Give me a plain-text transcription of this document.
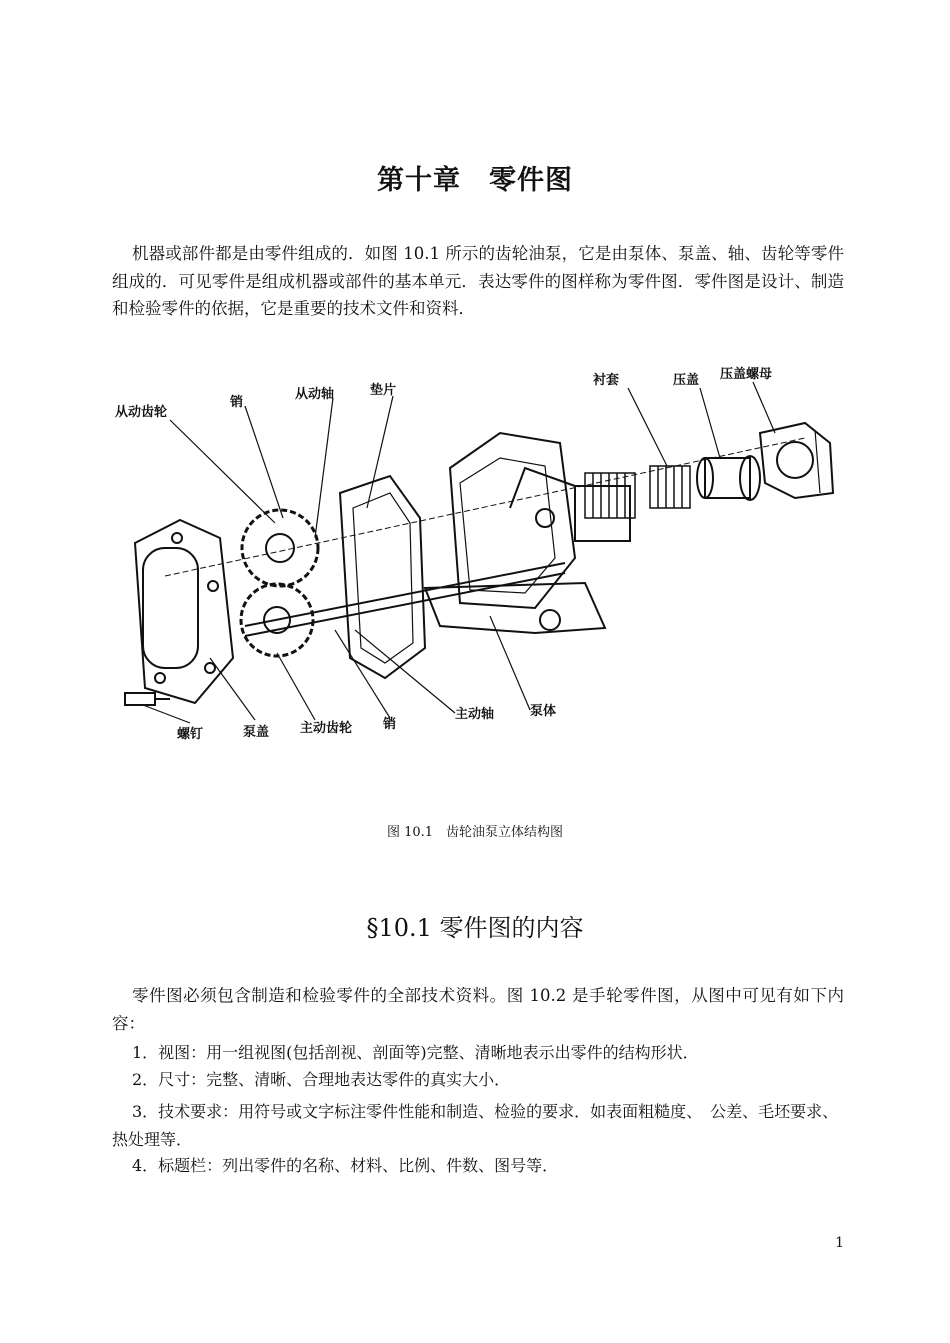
第十章　零件图

机器或部件都是由零件组成的．如图 10.1 所示的齿轮油泵，它是由泵体、泵盖、轴、齿轮等零件组成的．可见零件是组成机器或部件的基本单元．表达零件的图样称为零件图．零件图是设计、制造和检验零件的依据，它是重要的技术文件和资料．

从动齿轮
销
从动轴	垫片
衬套	压盖 压盖螺母
螺钉	泵盖 主动齿轮 销
主动轴	泵体
图 10.1　齿轮油泵立体结构图
§10.1 零件图的内容

零件图必须包含制造和检验零件的全部技术资料。图 10.2 是手轮零件图，从图中可见有如下内容：

1．视图：用一组视图(包括剖视、剖面等)完整、清晰地表示出零件的结构形状．
2．尺寸：完整、清晰、合理地表达零件的真实大小．
3．技术要求：用符号或文字标注零件性能和制造、检验的要求．如表面粗糙度、　公差、毛坯要求、热处理等．
4．标题栏：列出零件的名称、材料、比例、件数、图号等．
1
